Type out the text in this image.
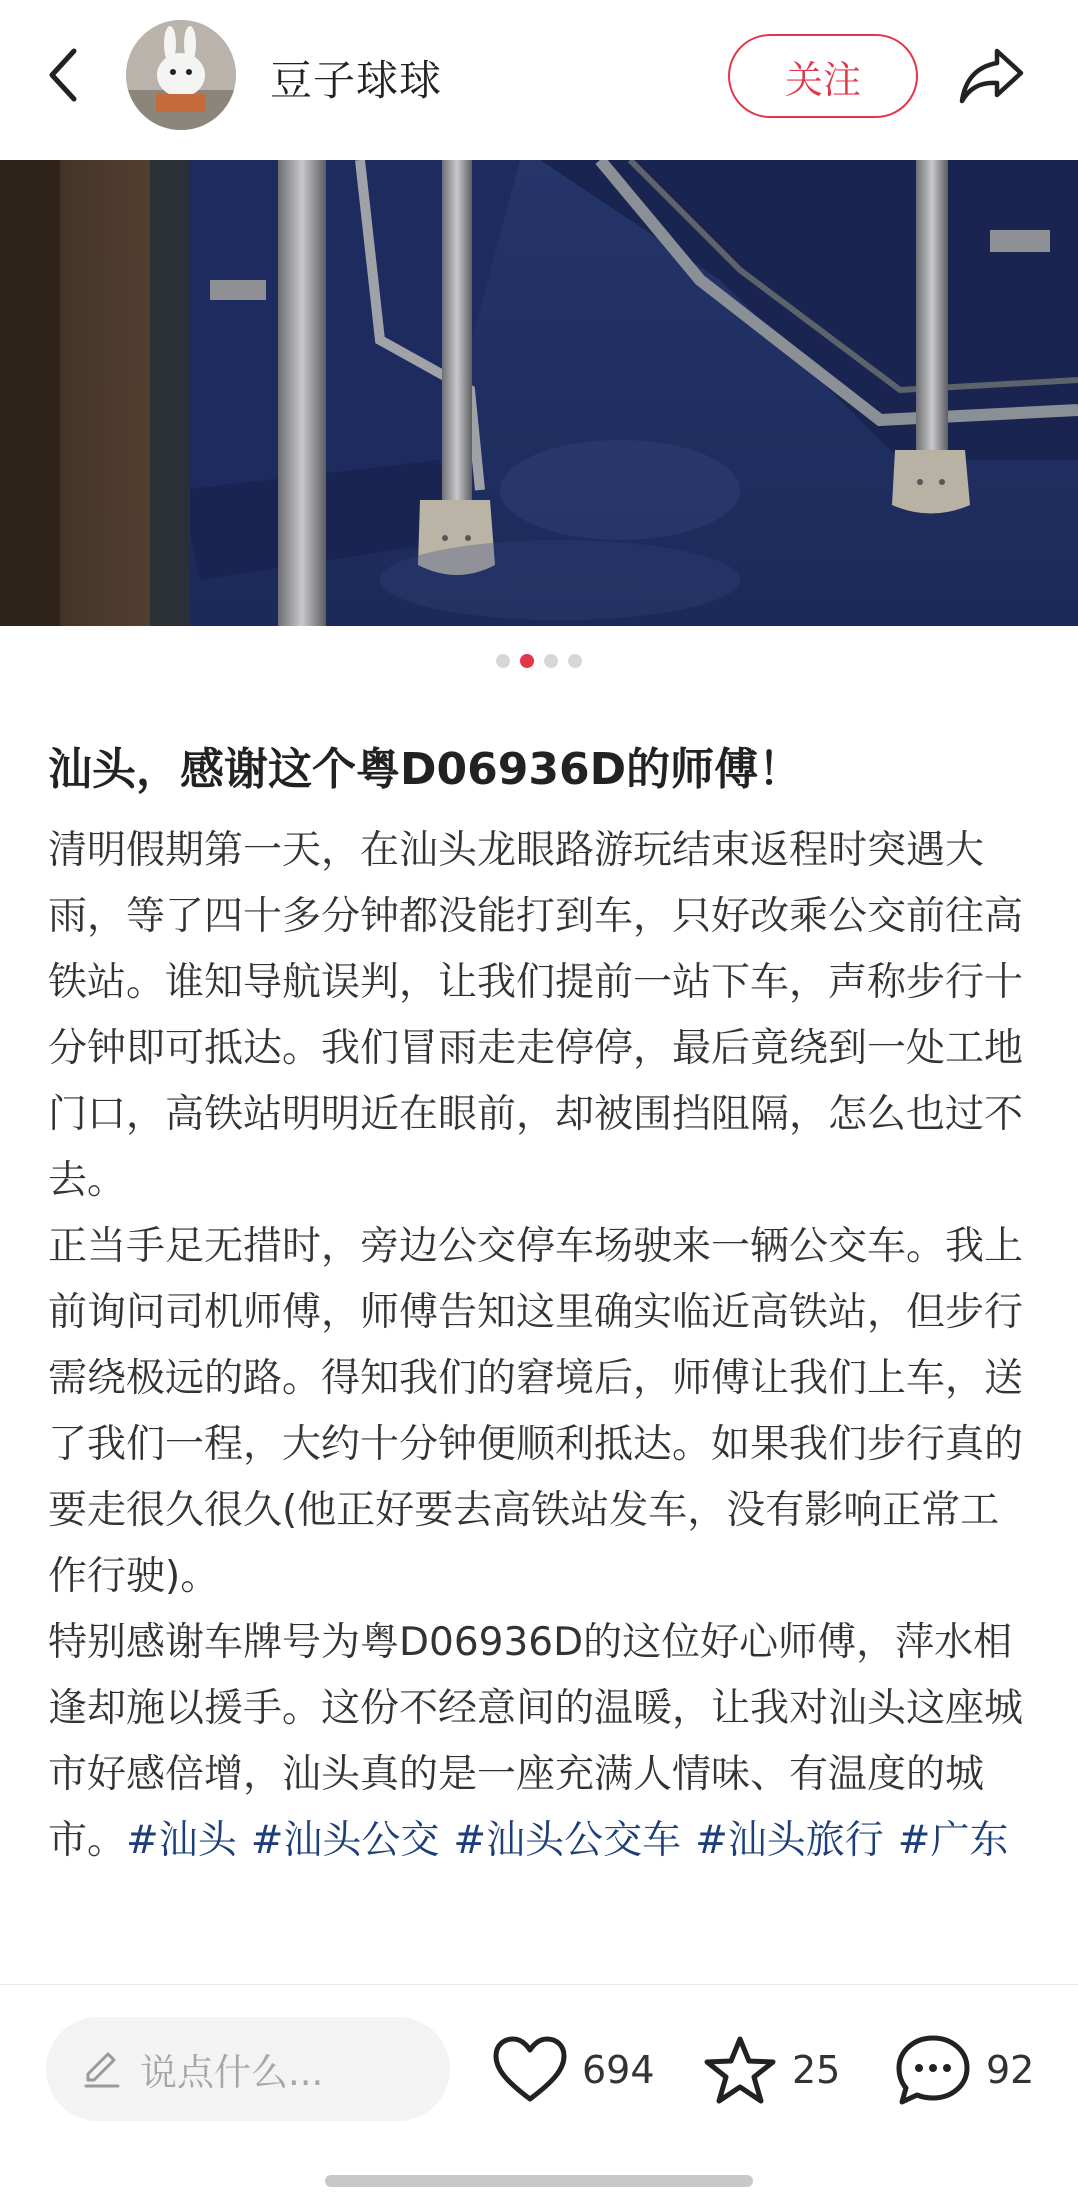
豆子球球	关注
汕头，感谢这个粤D06936D的师傅！

清明假期第一天，在汕头龙眼路游玩结束返程时突遇大雨，等了四十多分钟都没能打到车，只好改乘公交前往高铁站。谁知导航误判，让我们提前一站下车，声称步行十分钟即可抵达。我们冒雨走走停停，最后竟绕到一处工地门口，高铁站明明近在眼前，却被围挡阻隔，怎么也过不去。

正当手足无措时，旁边公交停车场驶来一辆公交车。我上前询问司机师傅，师傅告知这里确实临近高铁站，但步行需绕极远的路。得知我们的窘境后，师傅让我们上车，送了我们一程，大约十分钟便顺利抵达。如果我们步行真的要走很久很久(他正好要去高铁站发车，没有影响正常工作行驶)。

特别感谢车牌号为粤D06936D的这位好心师傅，萍水相逢却施以援手。这份不经意间的温暖，让我对汕头这座城市好感倍增，汕头真的是一座充满人情味、有温度的城市。#汕头 #汕头公交 #汕头公交车 #汕头旅行 #广东

说点什么...	694	25	92
